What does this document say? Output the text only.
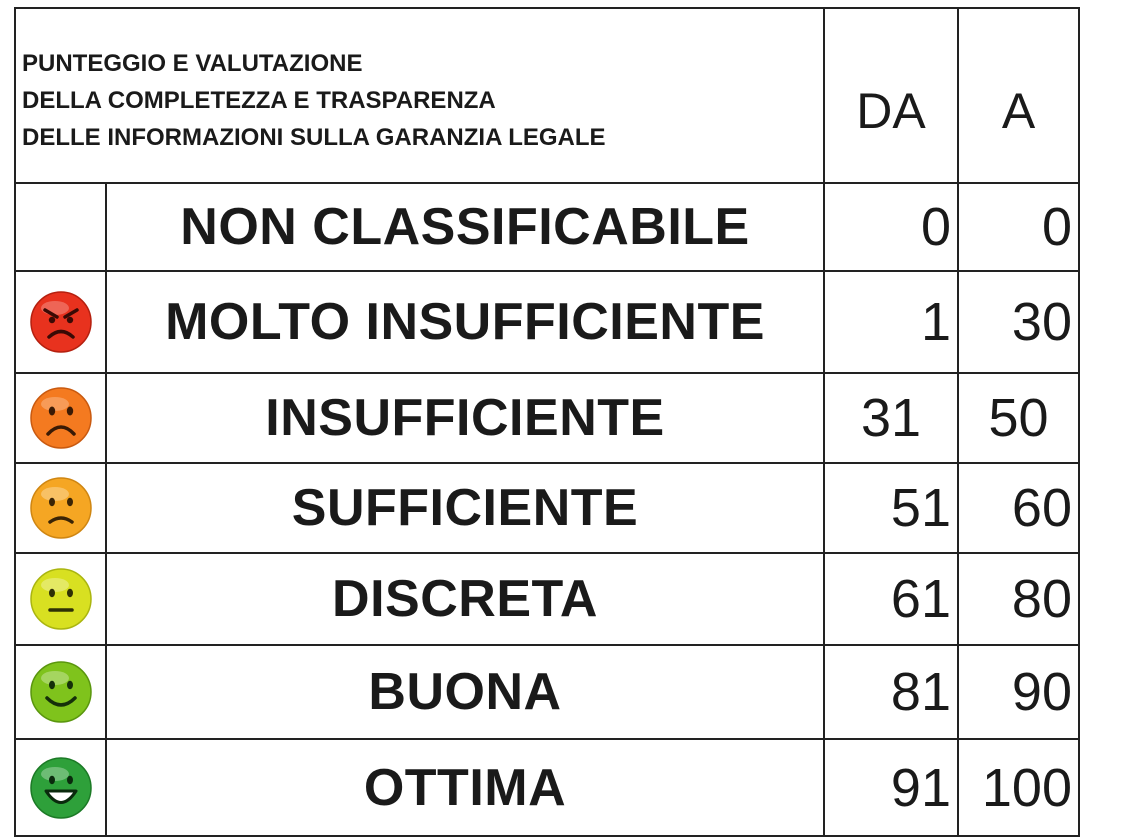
PUNTEGGIO E VALUTAZIONE
DELLA COMPLETEZZA E TRASPARENZA
DELLE INFORMAZIONI SULLA GARANZIA LEGALE		DA	A
	NON CLASSIFICABILE	0	0
	MOLTO INSUFFICIENTE	1	30
	INSUFFICIENTE	31	50
	SUFFICIENTE	51	60
	DISCRETA	61	80
	BUONA	81	90
	OTTIMA	91	100
